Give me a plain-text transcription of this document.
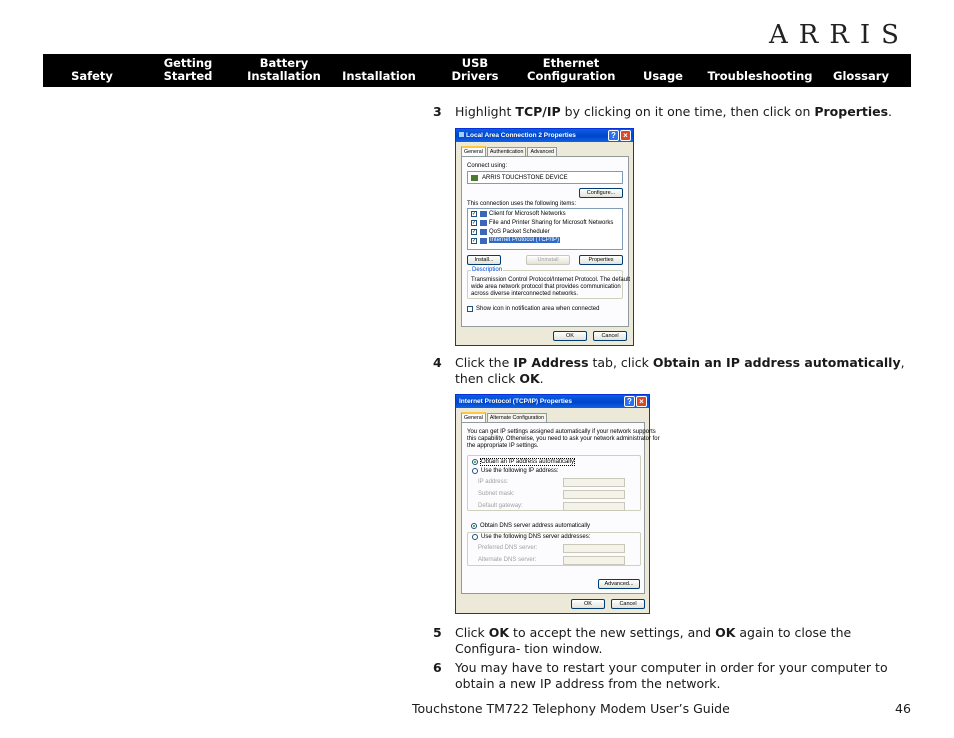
ARRIS
Safety
Getting
Started
Battery
Installation Installation
USB
Drivers
Ethernet
Configuration Usage Troubleshooting Glossary
3 Highlight TCP/IP by clicking on it one time, then click on Properties.
Local Area Connection 2 Properties	? ×
General	Authentication	Advanced
Connect using:
ARRIS TOUCHSTONE DEVICE
Configure...
This connection uses the following items:
✓ Client for Microsoft Networks
✓ File and Printer Sharing for Microsoft Networks
✓ QoS Packet Scheduler
✓ Internet Protocol (TCP/IP)
Install...	Uninstall	Properties
Description
Transmission Control Protocol/Internet Protocol. The default
wide area network protocol that provides communication
across diverse interconnected networks.
Show icon in notification area when connected
OK	Cancel
4 Click the IP Address tab, click Obtain an IP address automatically, then click OK.
Internet Protocol (TCP/IP) Properties	? ×
General	Alternate Configuration
You can get IP settings assigned automatically if your network supports
this capability. Otherwise, you need to ask your network administrator for
the appropriate IP settings.
Obtain an IP address automatically
Use the following IP address:
IP address:
Subnet mask:
Default gateway:
Obtain DNS server address automatically
Use the following DNS server addresses:
Preferred DNS server:
Alternate DNS server:
Advanced...
OK	Cancel
5 Click OK to accept the new settings, and OK again to close the Configura- tion window.
6 You may have to restart your computer in order for your computer to obtain a new IP address from the network.
Touchstone TM722 Telephony Modem User’s Guide	46
